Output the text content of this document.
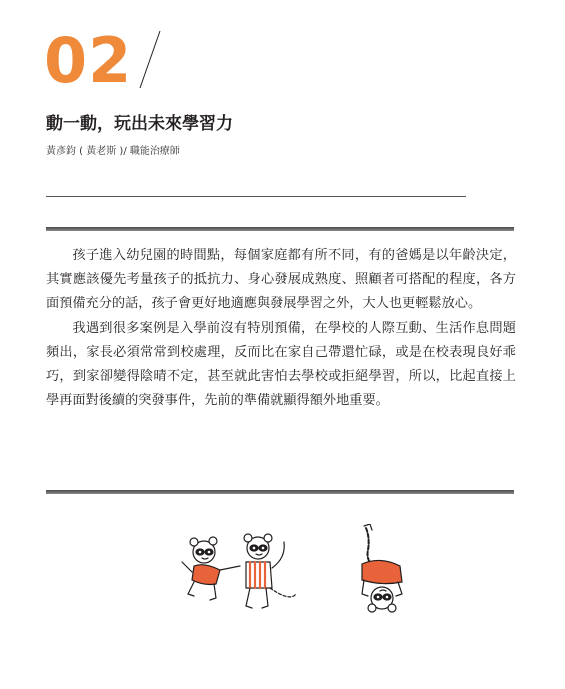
02
動一動，玩出未來學習力
黃彥鈞 ( 黃老斯 )/ 職能治療師

孩子進入幼兒園的時間點，每個家庭都有所不同，有的爸媽是以年齡決定，其實應該優先考量孩子的抵抗力、身心發展成熟度、照顧者可搭配的程度，各方面預備充分的話，孩子會更好地適應與發展學習之外，大人也更輕鬆放心。

我遇到很多案例是入學前沒有特別預備，在學校的人際互動、生活作息問題頻出，家長必須常常到校處理，反而比在家自己帶還忙碌，或是在校表現良好乖巧，到家卻變得陰晴不定，甚至就此害怕去學校或拒絕學習，所以，比起直接上學再面對後續的突發事件，先前的準備就顯得額外地重要。
